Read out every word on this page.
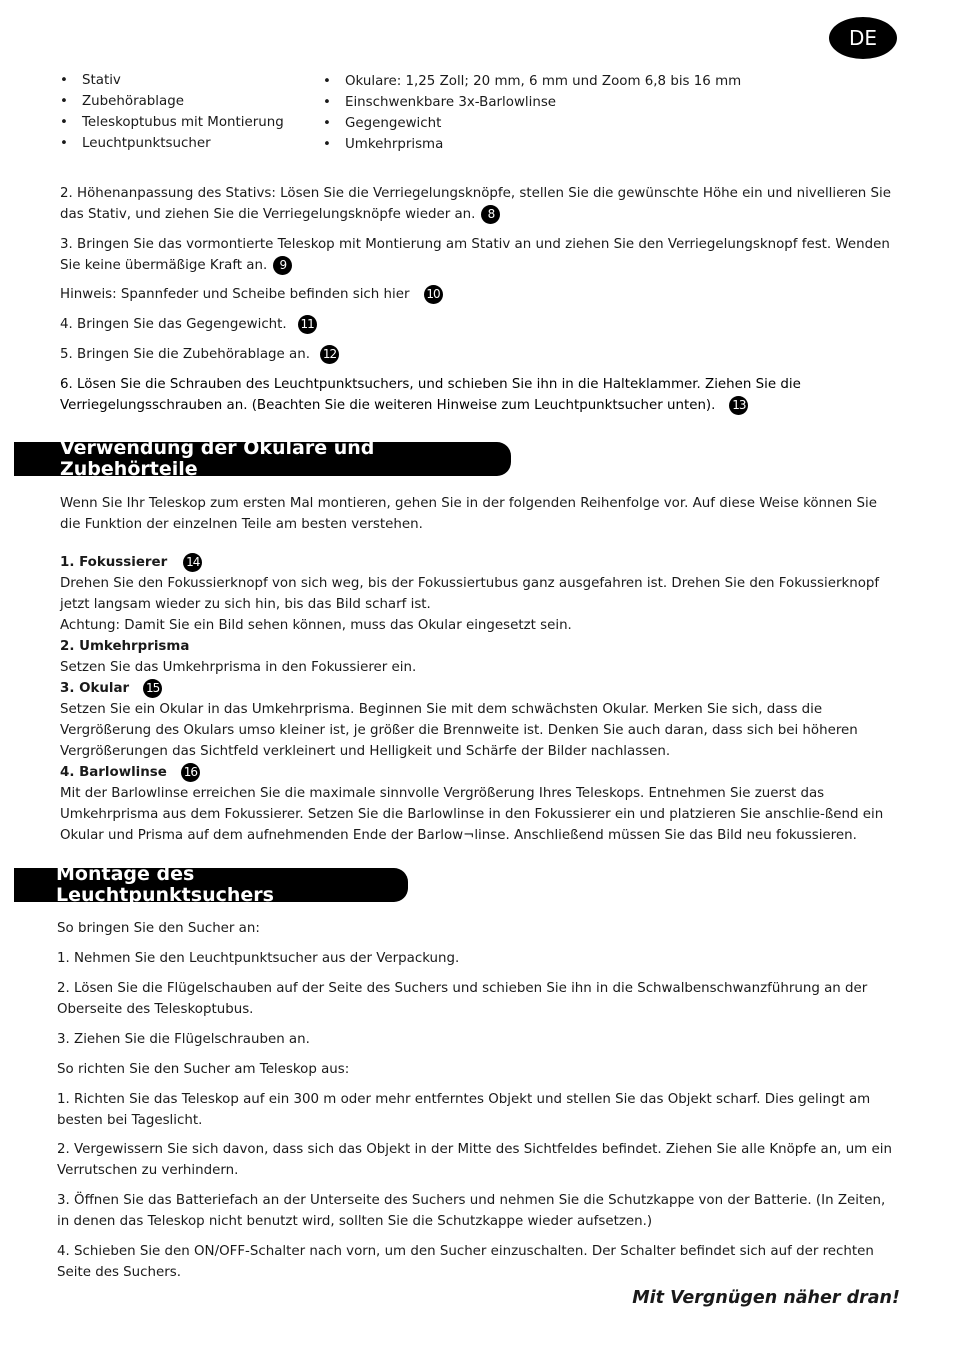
DE
• Stativ
• Zubehörablage
• Teleskoptubus mit Montierung
• Leuchtpunktsucher
• Okulare: 1,25 Zoll; 20 mm, 6 mm und Zoom 6,8 bis 16 mm
• Einschwenkbare 3x-Barlowlinse
• Gegengewicht
• Umkehrprisma

2. Höhenanpassung des Stativs: Lösen Sie die Verriegelungsknöpfe, stellen Sie die gewünschte Höhe ein und nivellieren Sie das Stativ, und ziehen Sie die Verriegelungsknöpfe wieder an. 8

3. Bringen Sie das vormontierte Teleskop mit Montierung am Stativ an und ziehen Sie den Verriegelungsknopf fest. Wenden Sie keine übermäßige Kraft an. 9

Hinweis: Spannfeder und Scheibe befinden sich hier 10

4. Bringen Sie das Gegengewicht. 11

5. Bringen Sie die Zubehörablage an. 12

6. Lösen Sie die Schrauben des Leuchtpunktsuchers, und schieben Sie ihn in die Halteklammer. Ziehen Sie die Verriegelungsschrauben an. (Beachten Sie die weiteren Hinweise zum Leuchtpunktsucher unten). 13

Verwendung der Okulare und Zubehörteile

Wenn Sie Ihr Teleskop zum ersten Mal montieren, gehen Sie in der folgenden Reihenfolge vor. Auf diese Weise können Sie die Funktion der einzelnen Teile am besten verstehen.

1. Fokussierer 14
Drehen Sie den Fokussierknopf von sich weg, bis der Fokussiertubus ganz ausgefahren ist. Drehen Sie den Fokussierknopf jetzt langsam wieder zu sich hin, bis das Bild scharf ist.
Achtung: Damit Sie ein Bild sehen können, muss das Okular eingesetzt sein.
2. Umkehrprisma
Setzen Sie das Umkehrprisma in den Fokussierer ein.
3. Okular 15
Setzen Sie ein Okular in das Umkehrprisma. Beginnen Sie mit dem schwächsten Okular. Merken Sie sich, dass die Vergrößerung des Okulars umso kleiner ist, je größer die Brennweite ist. Denken Sie auch daran, dass sich bei höheren Vergrößerungen das Sichtfeld verkleinert und Helligkeit und Schärfe der Bilder nachlassen.
4. Barlowlinse 16
Mit der Barlowlinse erreichen Sie die maximale sinnvolle Vergrößerung Ihres Teleskops. Entnehmen Sie zuerst das Umkehrprisma aus dem Fokussierer. Setzen Sie die Barlowlinse in den Fokussierer ein und platzieren Sie anschlie-ßend ein Okular und Prisma auf dem aufnehmenden Ende der Barlow¬linse. Anschließend müssen Sie das Bild neu fokussieren.
Montage des Leuchtpunktsuchers

So bringen Sie den Sucher an:

1. Nehmen Sie den Leuchtpunktsucher aus der Verpackung.

2. Lösen Sie die Flügelschauben auf der Seite des Suchers und schieben Sie ihn in die Schwalbenschwanzführung an der Oberseite des Teleskoptubus.

3. Ziehen Sie die Flügelschrauben an.

So richten Sie den Sucher am Teleskop aus:

1. Richten Sie das Teleskop auf ein 300 m oder mehr entferntes Objekt und stellen Sie das Objekt scharf. Dies gelingt am besten bei Tageslicht.

2. Vergewissern Sie sich davon, dass sich das Objekt in der Mitte des Sichtfeldes befindet. Ziehen Sie alle Knöpfe an, um ein Verrutschen zu verhindern.

3. Öffnen Sie das Batteriefach an der Unterseite des Suchers und nehmen Sie die Schutzkappe von der Batterie. (In Zeiten, in denen das Teleskop nicht benutzt wird, sollten Sie die Schutzkappe wieder aufsetzen.)

4. Schieben Sie den ON/OFF-Schalter nach vorn, um den Sucher einzuschalten. Der Schalter befindet sich auf der rechten Seite des Suchers.

Mit Vergnügen näher dran!
